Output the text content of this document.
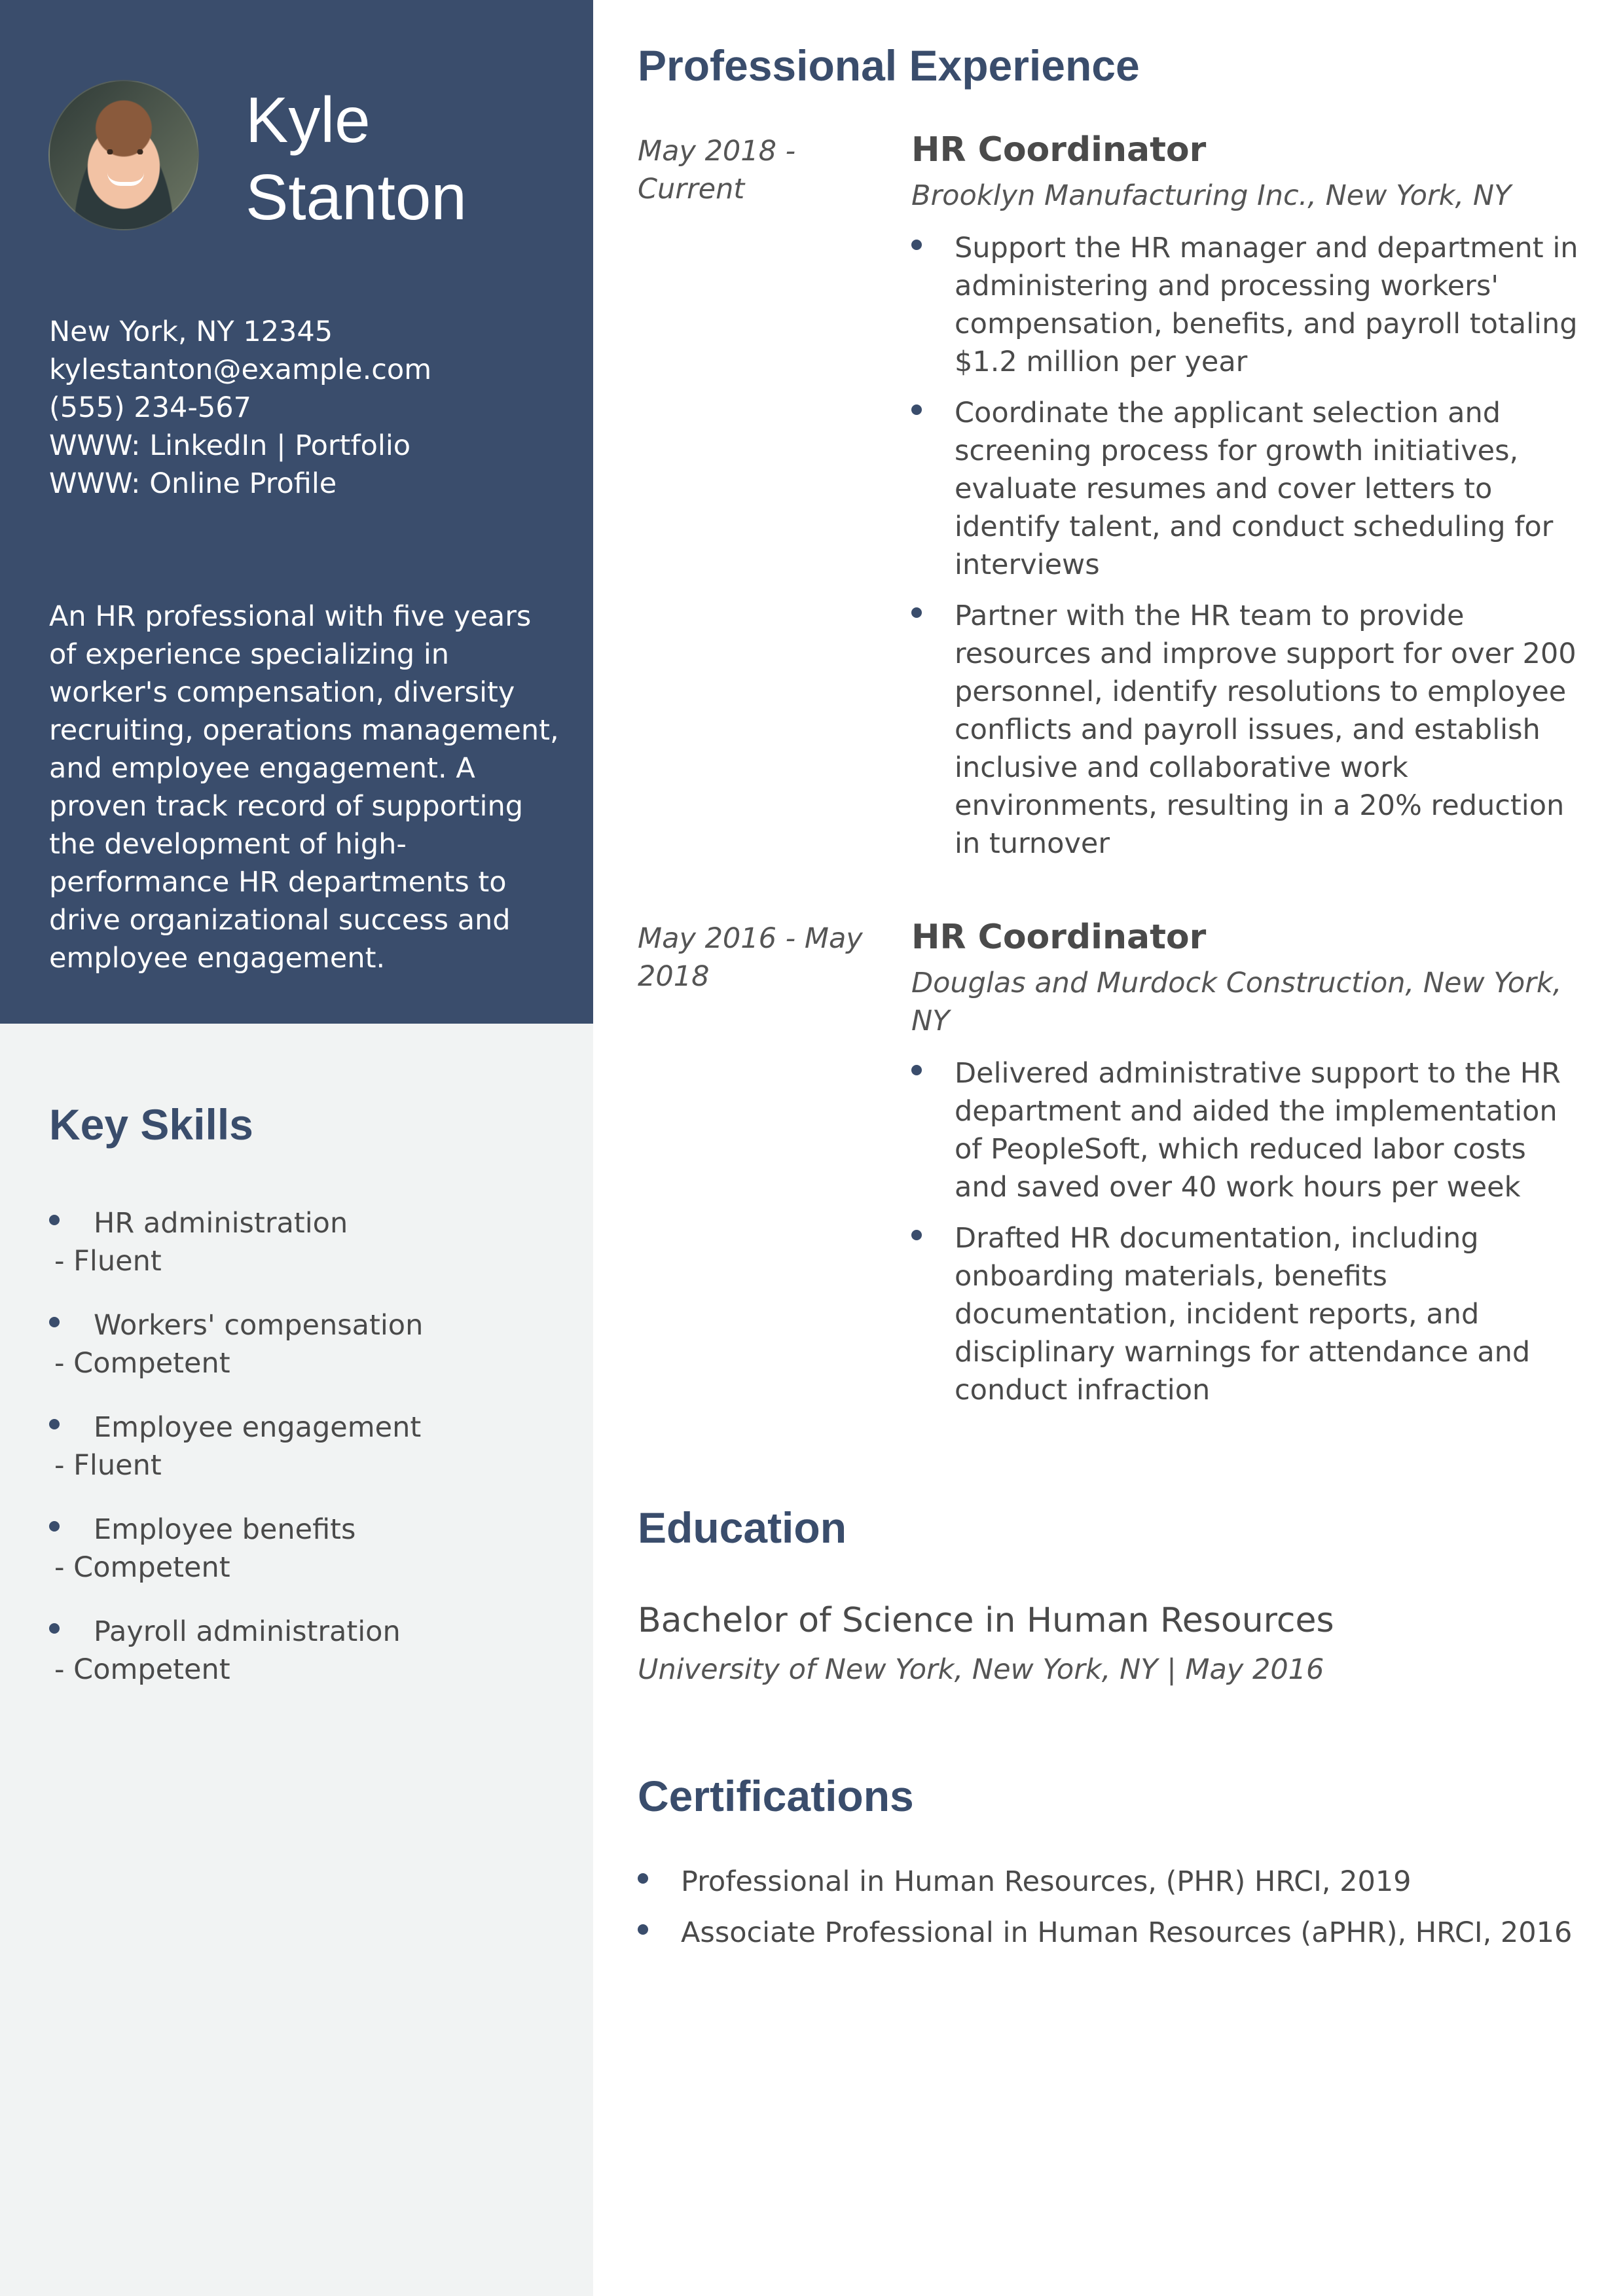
Kyle
Stanton
New York, NY 12345
kylestanton@example.com
(555) 234-567
WWW: LinkedIn | Portfolio
WWW: Online Profile

An HR professional with five years of experience specializing in worker's compensation, diversity recruiting, operations management, and employee engagement. A proven track record of supporting the development of high-performance HR departments to drive organizational success and employee engagement.

Key Skills
HR administration
- Fluent
Workers' compensation
- Competent
Employee engagement
- Fluent
Employee benefits
- Competent
Payroll administration
- Competent
Professional Experience
May 2018 - Current
HR Coordinator
Brooklyn Manufacturing Inc., New York, NY
Support the HR manager and department in administering and processing workers' compensation, benefits, and payroll totaling $1.2 million per year
Coordinate the applicant selection and screening process for growth initiatives, evaluate resumes and cover letters to identify talent, and conduct scheduling for interviews
Partner with the HR team to provide resources and improve support for over 200 personnel, identify resolutions to employee conflicts and payroll issues, and establish inclusive and collaborative work environments, resulting in a 20% reduction in turnover
May 2016 - May 2018
HR Coordinator
Douglas and Murdock Construction, New York, NY
Delivered administrative support to the HR department and aided the implementation of PeopleSoft, which reduced labor costs and saved over 40 work hours per week
Drafted HR documentation, including onboarding materials, benefits documentation, incident reports, and disciplinary warnings for attendance and conduct infraction
Education
Bachelor of Science in Human Resources
University of New York, New York, NY | May 2016
Certifications
Professional in Human Resources, (PHR) HRCI, 2019
Associate Professional in Human Resources (aPHR), HRCI, 2016
